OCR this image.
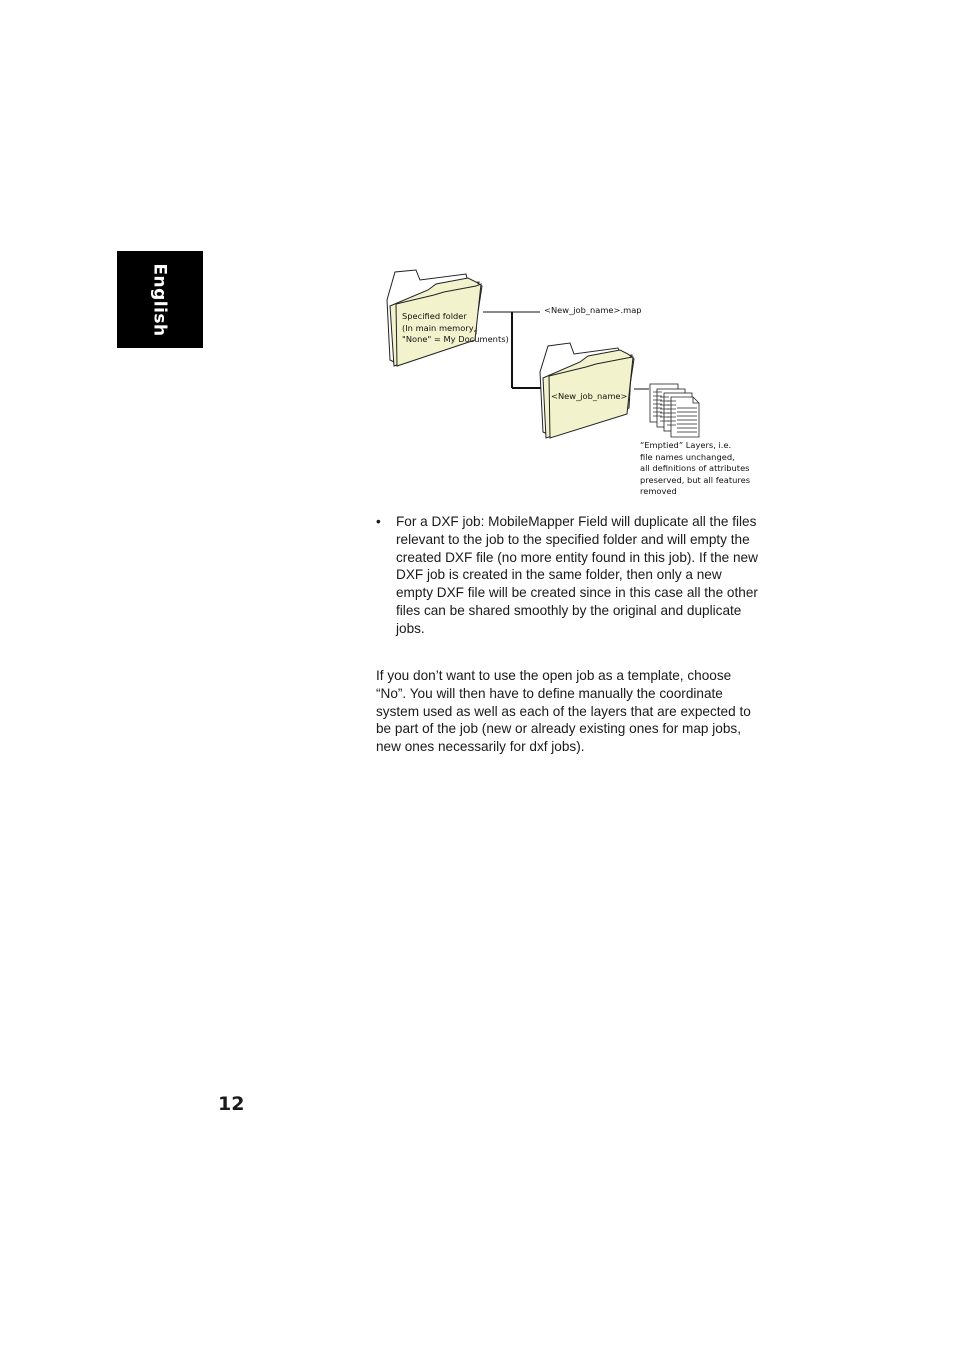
English	Specified folder
(In main memory,
"None" = My Documents)
<New_job_name>.map
<New_job_name>
“Emptied” Layers, i.e.
file names unchanged,
all definitions of attributes
preserved, but all features
removed
• For a DXF job: MobileMapper Field will duplicate all the files relevant to the job to the specified folder and will empty the created DXF file (no more entity found in this job). If the new DXF job is created in the same folder, then only a new empty DXF file will be created since in this case all the other files can be shared smoothly by the original and duplicate jobs.

If you don’t want to use the open job as a template, choose “No”. You will then have to define manually the coordinate system used as well as each of the layers that are expected to be part of the job (new or already existing ones for map jobs, new ones necessarily for dxf jobs).

12
